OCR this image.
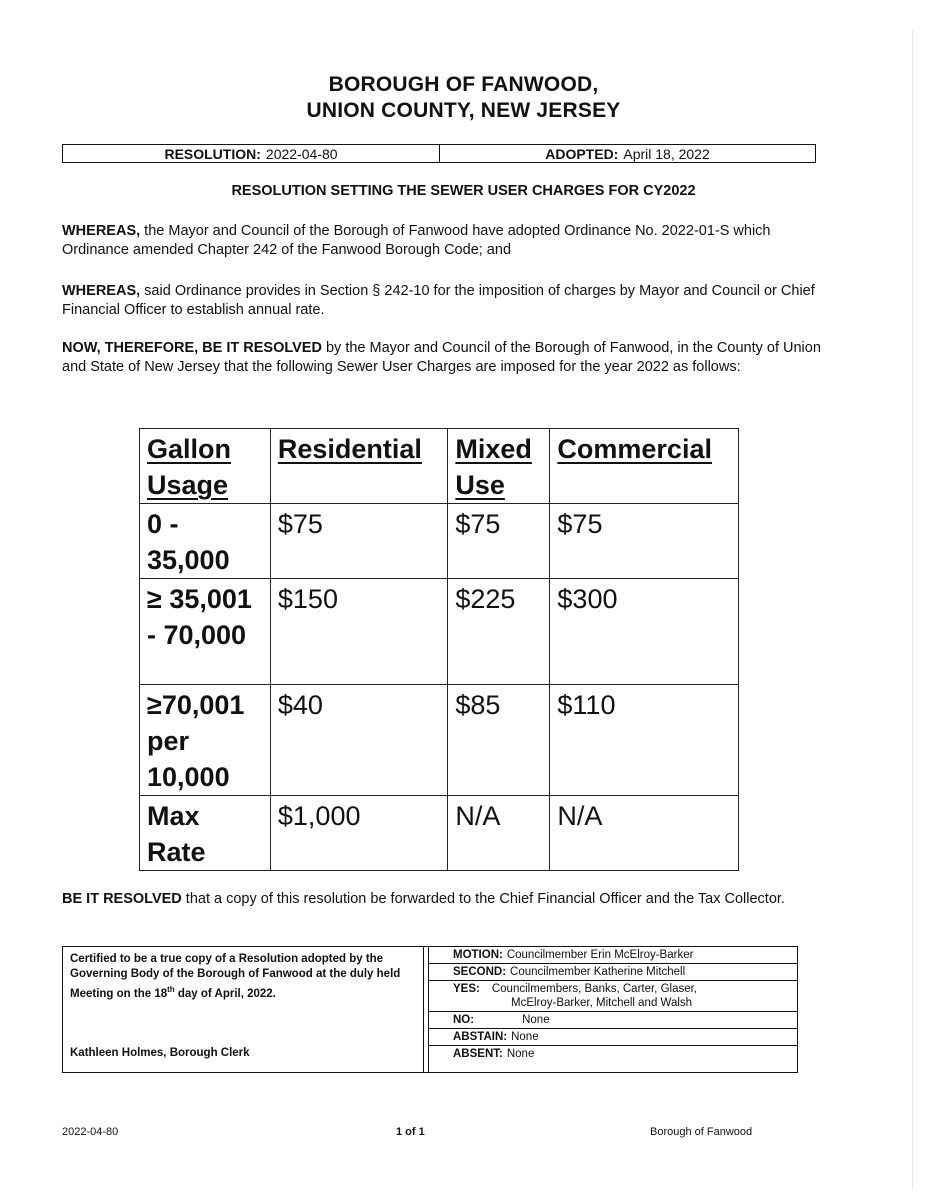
BOROUGH OF FANWOOD,
UNION COUNTY, NEW JERSEY
RESOLUTION: 2022-04-80	ADOPTED: April 18, 2022
RESOLUTION SETTING THE SEWER USER CHARGES FOR CY2022
WHEREAS, the Mayor and Council of the Borough of Fanwood have adopted Ordinance No. 2022-01-S which Ordinance amended Chapter 242 of the Fanwood Borough Code; and
WHEREAS, said Ordinance provides in Section § 242-10 for the imposition of charges by Mayor and Council or Chief Financial Officer to establish annual rate.
NOW, THEREFORE, BE IT RESOLVED by the Mayor and Council of the Borough of Fanwood, in the County of Union and State of New Jersey that the following Sewer User Charges are imposed for the year 2022 as follows:
Gallon Usage	Residential	Mixed Use	Commercial
0 - 35,000	$75	$75	$75
≥ 35,001 - 70,000	$150	$225	$300
≥70,001 per 10,000	$40	$85	$110
Max Rate	$1,000	N/A	N/A
BE IT RESOLVED that a copy of this resolution be forwarded to the Chief Financial Officer and the Tax Collector.
Certified to be a true copy of a Resolution adopted by the Governing Body of the Borough of Fanwood at the duly held Meeting on the 18th day of April, 2022.
Kathleen Holmes, Borough Clerk
MOTION: Councilmember Erin McElroy-Barker
SECOND: Councilmember Katherine Mitchell
YES: Councilmembers, Banks, Carter, Glaser,
McElroy-Barker, Mitchell and Walsh
NO:	None
ABSTAIN: None
ABSENT: None
2022-04-80	1 of 1	Borough of Fanwood
